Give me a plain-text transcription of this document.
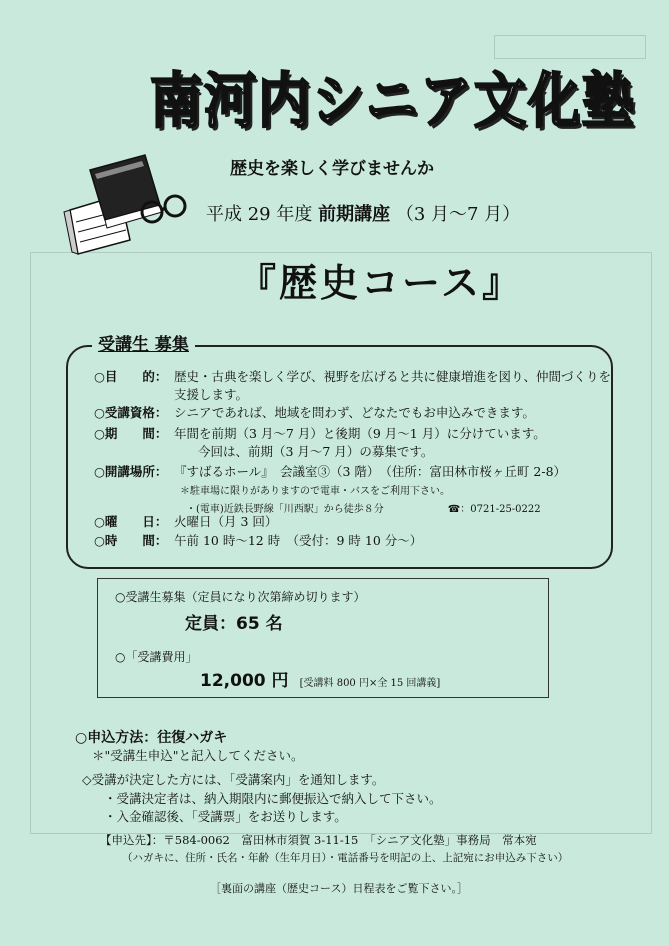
南河内シニア文化塾
歴史を楽しく学びませんか
平成 29 年度 前期講座 （3 月～7 月）
『歴史コース』
受講生 募集
○目　　的： 歴史・古典を楽しく学び、視野を広げると共に健康増進を図り、仲間づくりを
支援します。
○受講資格： シニアであれば、地域を問わず、どなたでもお申込みできます。
○期　　間： 年間を前期（3 月～7 月）と後期（9 月～1 月）に分けています。
今回は、前期（3 月～7 月）の募集です。
○開講場所： 『すばるホール』　会議室③（3 階）　（住所：富田林市桜ヶ丘町 2-8）
＊駐車場に限りがありますので電車・バスをご利用下さい。
・(電車)近鉄長野線「川西駅」から徒歩８分	☎：0721-25-0222
○曜　　日： 火曜日（月 3 回）
○時　　間： 午前 10 時～12 時　（受付：9 時 10 分～）
○受講生募集（定員になり次第締め切ります）
定員：65 名
○「受講費用」
12,000 円 [受講料 800 円×全 15 回講義]
○申込方法：往復ハガキ
＊"受講生申込"と記入してください。
◇受講が決定した方には、「受講案内」を通知します。
・受講決定者は、納入期限内に郵便振込で納入して下さい。
・入金確認後、「受講票」をお送りします。
【申込先】：〒584-0062　富田林市須賀 3-11-15　「シニア文化塾」事務局　常本宛
（ハガキに、住所・氏名・年齢（生年月日）・電話番号を明記の上、上記宛にお申込み下さい）
［裏面の講座（歴史コース）日程表をご覧下さい。］
